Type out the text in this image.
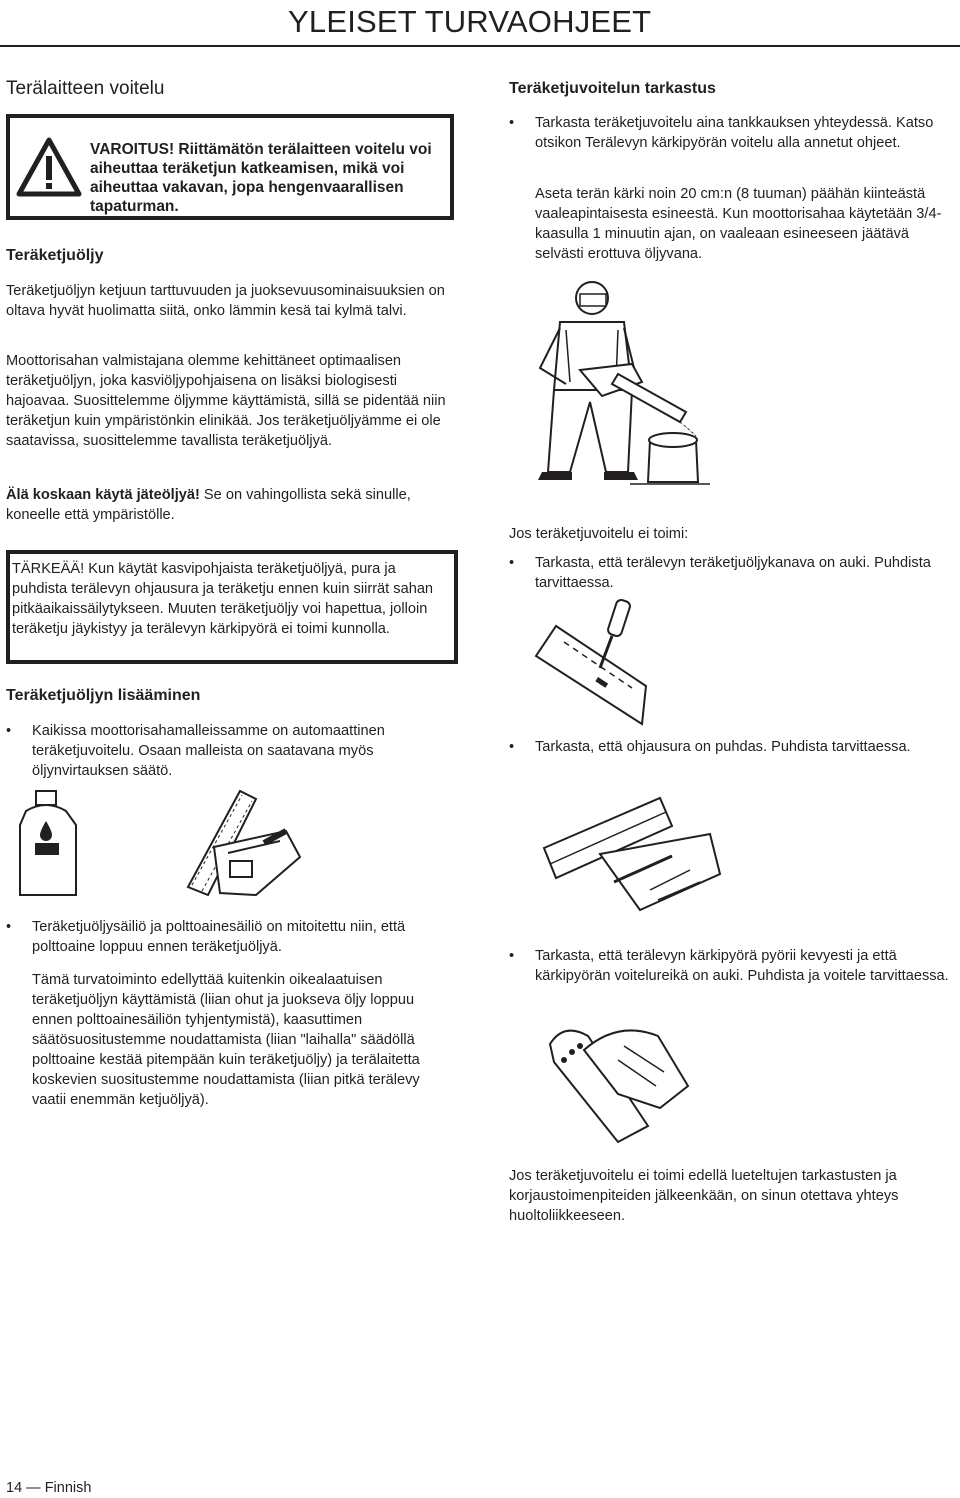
YLEISET TURVAOHJEET
Terälaitteen voitelu
VAROITUS! Riittämätön terälaitteen voitelu voi aiheuttaa teräketjun katkeamisen, mikä voi aiheuttaa vakavan, jopa hengenvaarallisen tapaturman.
Teräketjuöljy

Teräketjuöljyn ketjuun tarttuvuuden ja juoksevuusominaisuuksien on oltava hyvät huolimatta siitä, onko lämmin kesä tai kylmä talvi.

Moottorisahan valmistajana olemme kehittäneet optimaalisen teräketjuöljyn, joka kasviöljypohjaisena on lisäksi biologisesti hajoavaa. Suosittelemme öljymme käyttämistä, sillä se pidentää niin teräketjun kuin ympäristönkin elinikää. Jos teräketjuöljyämme ei ole saatavissa, suosittelemme tavallista teräketjuöljyä.

Älä koskaan käytä jäteöljyä! Se on vahingollista sekä sinulle, koneelle että ympäristölle.

TÄRKEÄÄ! Kun käytät kasvipohjaista teräketjuöljyä, pura ja puhdista terälevyn ohjausura ja teräketju ennen kuin siirrät sahan pitkäaikaissäilytykseen. Muuten teräketjuöljy voi hapettua, jolloin teräketju jäykistyy ja terälevyn kärkipyörä ei toimi kunnolla.
Teräketjuöljyn lisääminen
• Kaikissa moottorisahamalleissamme on automaattinen teräketjuvoitelu. Osaan malleista on saatavana myös öljynvirtauksen säätö.
• Teräketjuöljysäiliö ja polttoainesäiliö on mitoitettu niin, että polttoaine loppuu ennen teräketjuöljyä.

Tämä turvatoiminto edellyttää kuitenkin oikealaatuisen teräketjuöljyn käyttämistä (liian ohut ja juokseva öljy loppuu ennen polttoainesäiliön tyhjentymistä), kaasuttimen säätösuositustemme noudattamista (liian "laihalla" säädöllä polttoaine kestää pitempään kuin teräketjuöljy) ja terälaitetta koskevien suositustemme noudattamista (liian pitkä terälevy vaatii enemmän ketjuöljyä).

Teräketjuvoitelun tarkastus
• Tarkasta teräketjuvoitelu aina tankkauksen yhteydessä. Katso otsikon Terälevyn kärkipyörän voitelu alla annetut ohjeet.

Aseta terän kärki noin 20 cm:n (8 tuuman) päähän kiinteästä vaaleapintaisesta esineestä. Kun moottorisahaa käytetään 3/4-kaasulla 1 minuutin ajan, on vaaleaan esineeseen jäätävä selvästi erottuva öljyvana.

Jos teräketjuvoitelu ei toimi:
• Tarkasta, että terälevyn teräketjuöljykanava on auki. Puhdista tarvittaessa.
• Tarkasta, että ohjausura on puhdas. Puhdista tarvittaessa.
• Tarkasta, että terälevyn kärkipyörä pyörii kevyesti ja että kärkipyörän voitelureikä on auki. Puhdista ja voitele tarvittaessa.

Jos teräketjuvoitelu ei toimi edellä lueteltujen tarkastusten ja korjaustoimenpiteiden jälkeenkään, on sinun otettava yhteys huoltoliikkeeseen.

14 — Finnish
